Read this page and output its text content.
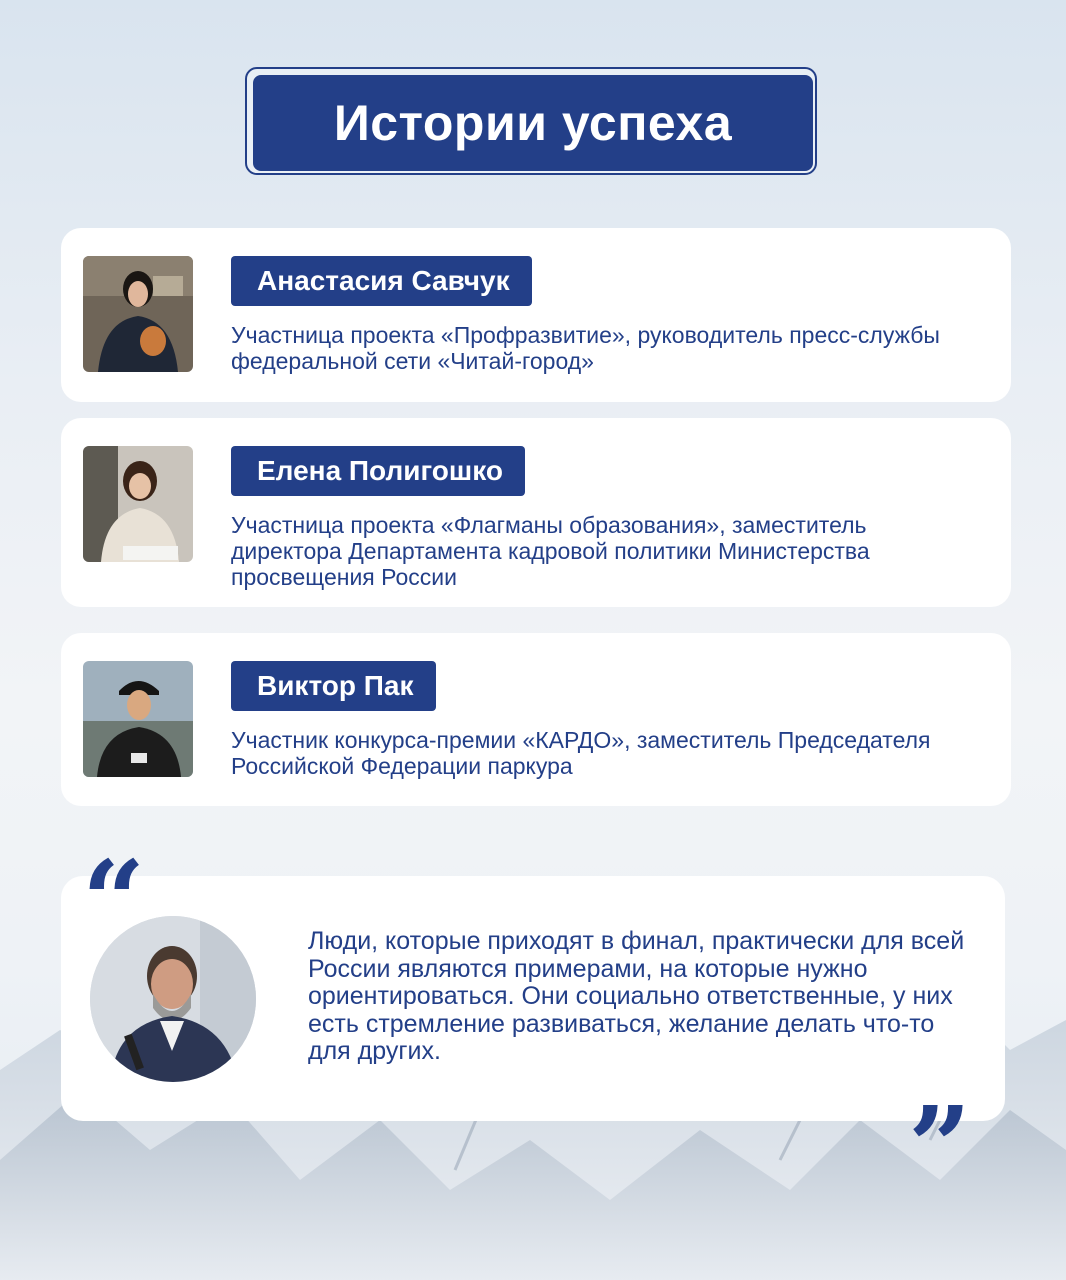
Истории успеха
Анастасия Савчук
Участница проекта «Профразвитие», руководитель пресс-службы федеральной сети «Читай-город»
Елена Полигошко
Участница проекта «Флагманы образования», заместитель директора Департамента кадровой политики Министерства просвещения России
Виктор Пак
Участник конкурса-премии «КАРДО», заместитель Председателя Российской Федерации паркура
“	Люди, которые приходят в финал, практически для всей России являются примерами, на которые нужно ориентироваться. Они социально ответственные, у них есть стремление развиваться, желание делать что-то для других.
”
